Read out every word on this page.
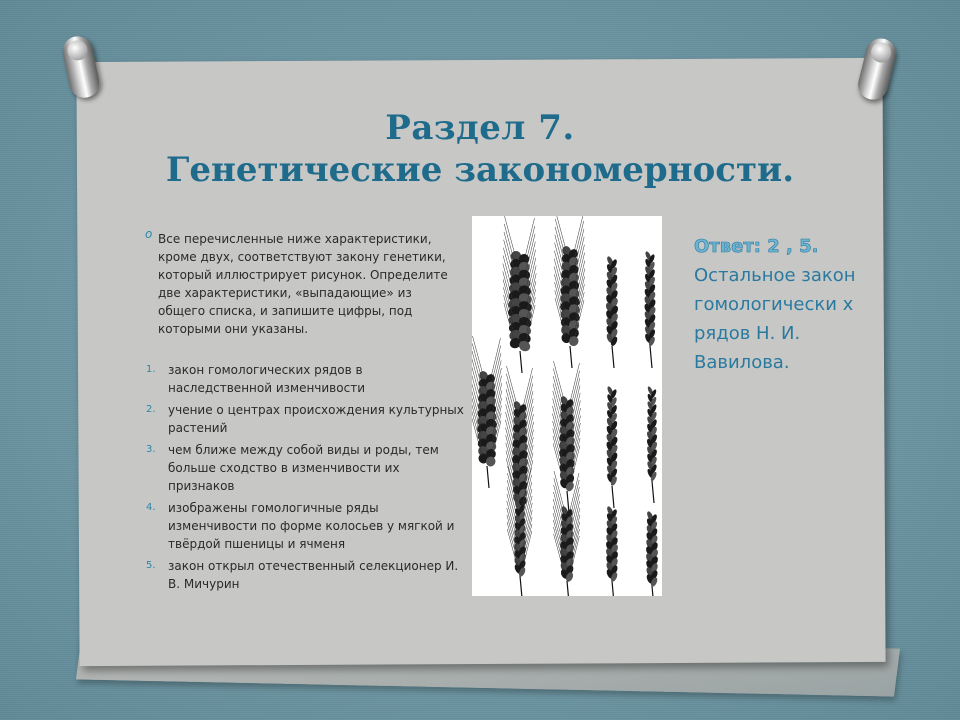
Раздел 7.
Генетические закономерности.
o Все перечисленные ниже характеристики, кроме двух, соответствуют закону генетики, который иллюстрирует рисунок. Определите две характеристики, «выпадающие» из общего списка, и запишите цифры, под которыми они указаны.
1. закон гомологических рядов в наследственной изменчивости
2. учение о центрах происхождения культурных растений
3. чем ближе между собой виды и роды, тем больше сходство в изменчивости их признаков
4. изображены гомологичные ряды изменчивости по форме колосьев у мягкой и твёрдой пшеницы и ячменя
5. закон открыл отечественный селекционер И. В. Мичурин
Ответ: 2 , 5.
Остальное закон гомологически х рядов Н. И. Вавилова.
